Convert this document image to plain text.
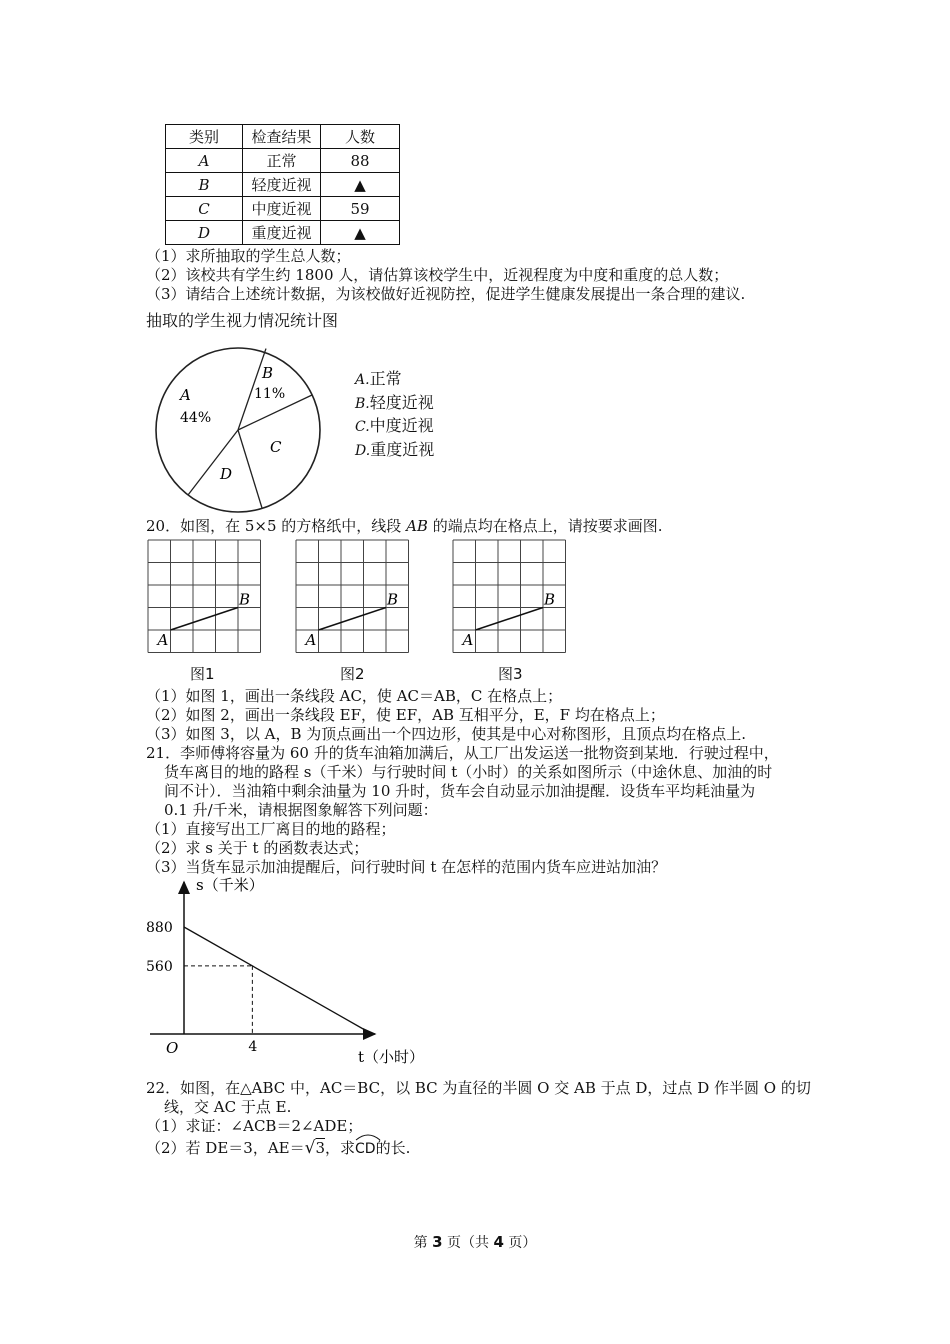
类别	检查结果	人数
A	正常	88
B	轻度近视	▲
C	中度近视	59
D	重度近视	▲
（1）求所抽取的学生总人数；
（2）该校共有学生约 1800 人，请估算该校学生中，近视程度为中度和重度的总人数；
（3）请结合上述统计数据，为该校做好近视防控，促进学生健康发展提出一条合理的建议.
抽取的学生视力情况统计图
A
44%
B
11%
C
D
A.正常
B.轻度近视
C.中度近视
D.重度近视
20．如图，在 5×5 的方格纸中，线段 AB 的端点均在格点上，请按要求画图.
A
B
A
B
A
B
图1	图2	图3
（1）如图 1，画出一条线段 AC，使 AC＝AB，C 在格点上；
（2）如图 2，画出一条线段 EF，使 EF，AB 互相平分，E，F 均在格点上；
（3）如图 3，以 A，B 为顶点画出一个四边形，使其是中心对称图形，且顶点均在格点上.
21．李师傅将容量为 60 升的货车油箱加满后，从工厂出发运送一批物资到某地．行驶过程中，
货车离目的地的路程 s（千米）与行驶时间 t（小时）的关系如图所示（中途休息、加油的时
间不计）．当油箱中剩余油量为 10 升时，货车会自动显示加油提醒．设货车平均耗油量为
0.1 升/千米，请根据图象解答下列问题：
（1）直接写出工厂离目的地的路程；
（2）求 s 关于 t 的函数表达式；
（3）当货车显示加油提醒后，问行驶时间 t 在怎样的范围内货车应进站加油？
s（千米）
t（小时）
O
880
560
4
22．如图，在△ABC 中，AC＝BC，以 BC 为直径的半圆 O 交 AB 于点 D，过点 D 作半圆 O 的切
线，交 AC 于点 E.
（1）求证：∠ACB＝2∠ADE；
（2）若 DE＝3，AE＝√3，求
CD的长.
第 3 页（共 4 页）
